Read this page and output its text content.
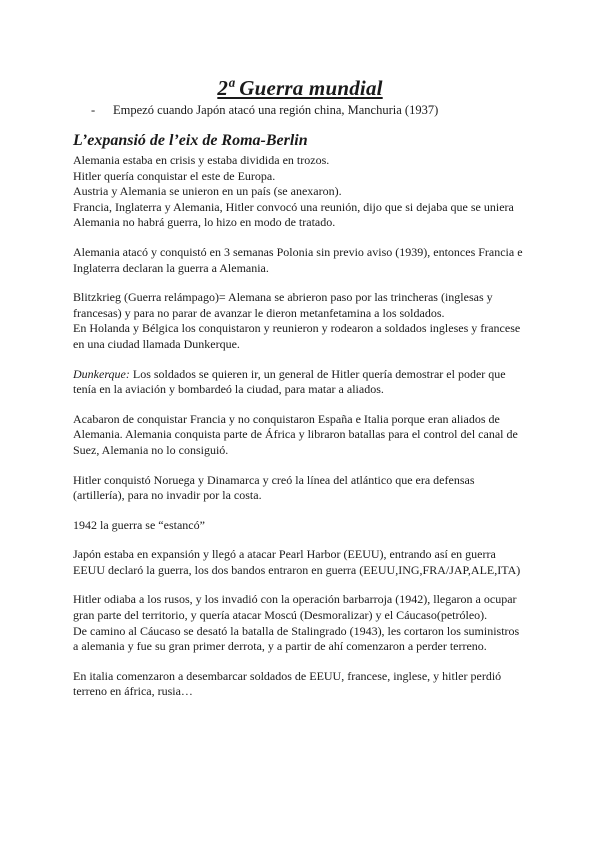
2ª Guerra mundial
- Empezó cuando Japón atacó una región china, Manchuria (1937)
L’expansió de l’eix de Roma-Berlin

Alemania estaba en crisis y estaba dividida en trozos.

Hitler quería conquistar el este de Europa.

Austria y Alemania se unieron en un país (se anexaron).

Francia, Inglaterra y Alemania, Hitler convocó una reunión, dijo que si dejaba que se uniera

Alemania no habrá guerra, lo hizo en modo de tratado.

Alemania atacó y conquistó en 3 semanas Polonia sin previo aviso (1939), entonces Francia e

Inglaterra declaran la guerra a Alemania.

Blitzkrieg (Guerra relámpago)= Alemana se abrieron paso por las trincheras (inglesas y

francesas) y para no parar de avanzar le dieron metanfetamina a los soldados.

En Holanda y Bélgica los conquistaron y reunieron y rodearon a soldados ingleses y francese

en una ciudad llamada Dunkerque.

Dunkerque: Los soldados se quieren ir, un general de Hitler quería demostrar el poder que

tenía en la aviación y bombardeó la ciudad, para matar a aliados.

Acabaron de conquistar Francia y no conquistaron España e Italia porque eran aliados de

Alemania. Alemania conquista parte de África y libraron batallas para el control del canal de

Suez, Alemania no lo consiguió.

Hitler conquistó Noruega y Dinamarca y creó la línea del atlántico que era defensas

(artillería), para no invadir por la costa.

1942 la guerra se “estancó”

Japón estaba en expansión y llegó a atacar Pearl Harbor (EEUU), entrando así en guerra

EEUU declaró la guerra, los dos bandos entraron en guerra (EEUU,ING,FRA/JAP,ALE,ITA)

Hitler odiaba a los rusos, y los invadió con la operación barbarroja (1942), llegaron a ocupar

gran parte del territorio, y quería atacar Moscú (Desmoralizar) y el Cáucaso(petróleo).

De camino al Cáucaso se desató la batalla de Stalingrado (1943), les cortaron los suministros

a alemania y fue su gran primer derrota, y a partir de ahí comenzaron a perder terreno.

En italia comenzaron a desembarcar soldados de EEUU, francese, inglese, y hitler perdió

terreno en áfrica, rusia…
